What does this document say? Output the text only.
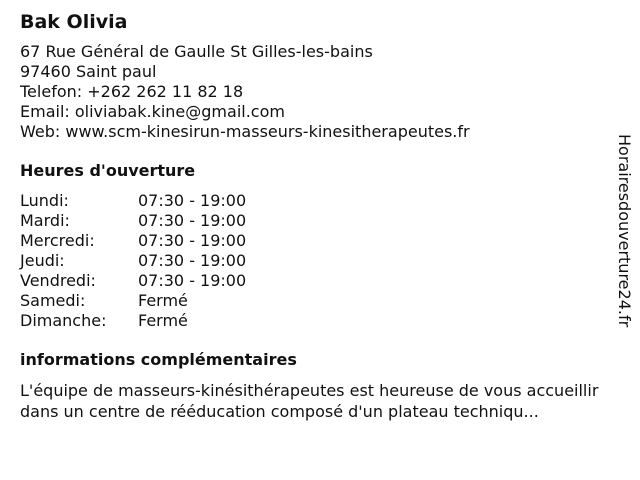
Bak Olivia
67 Rue Général de Gaulle St Gilles-les-bains
97460 Saint paul
Telefon: +262 262 11 82 18
Email: oliviabak.kine@gmail.com
Web: www.scm-kinesirun-masseurs-kinesitherapeutes.fr
Heures d'ouverture
Lundi:	07:30 - 19:00
Mardi:	07:30 - 19:00
Mercredi:	07:30 - 19:00
Jeudi:	07:30 - 19:00
Vendredi:	07:30 - 19:00
Samedi:	Fermé
Dimanche:	Fermé
informations complémentaires
L'équipe de masseurs-kinésithérapeutes est heureuse de vous accueillir dans un centre de rééducation composé d'un plateau techniqu...
Horairesdouverture24.fr
